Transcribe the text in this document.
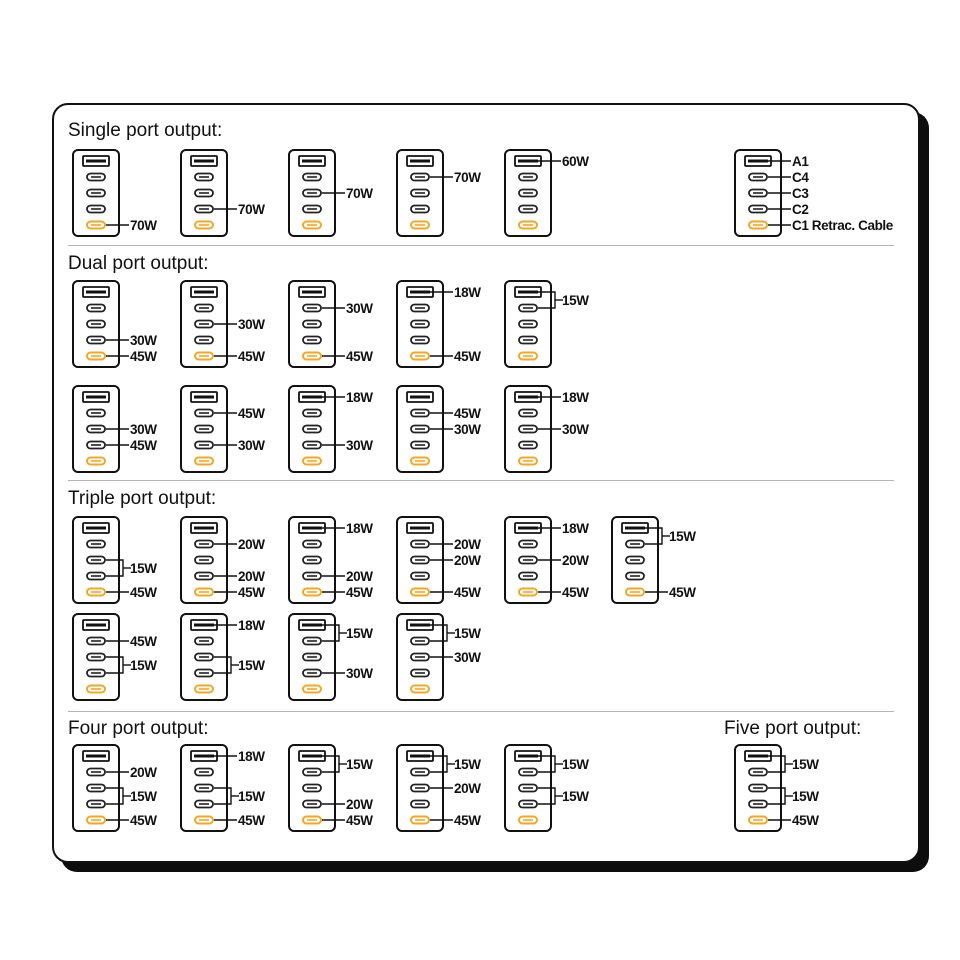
Single port output:
Dual port output:
Triple port output:
Four port output:	Five port output:
70W
70W
70W
70W
60W
30W
45W
30W
45W
30W
45W
18W
45W
15W
30W
45W
45W
30W
18W
30W
45W
30W
18W
30W
15W
45W
20W
20W
45W
18W
20W
45W
20W
20W
45W
18W
20W
45W
15W
45W
45W
15W
18W
15W
15W
30W
15W
30W
20W
15W
45W
18W
15W
45W
15W
20W
45W
15W
20W
45W
15W
15W
15W
15W
45W
A1
C4
C3
C2
C1 Retrac. Cable
